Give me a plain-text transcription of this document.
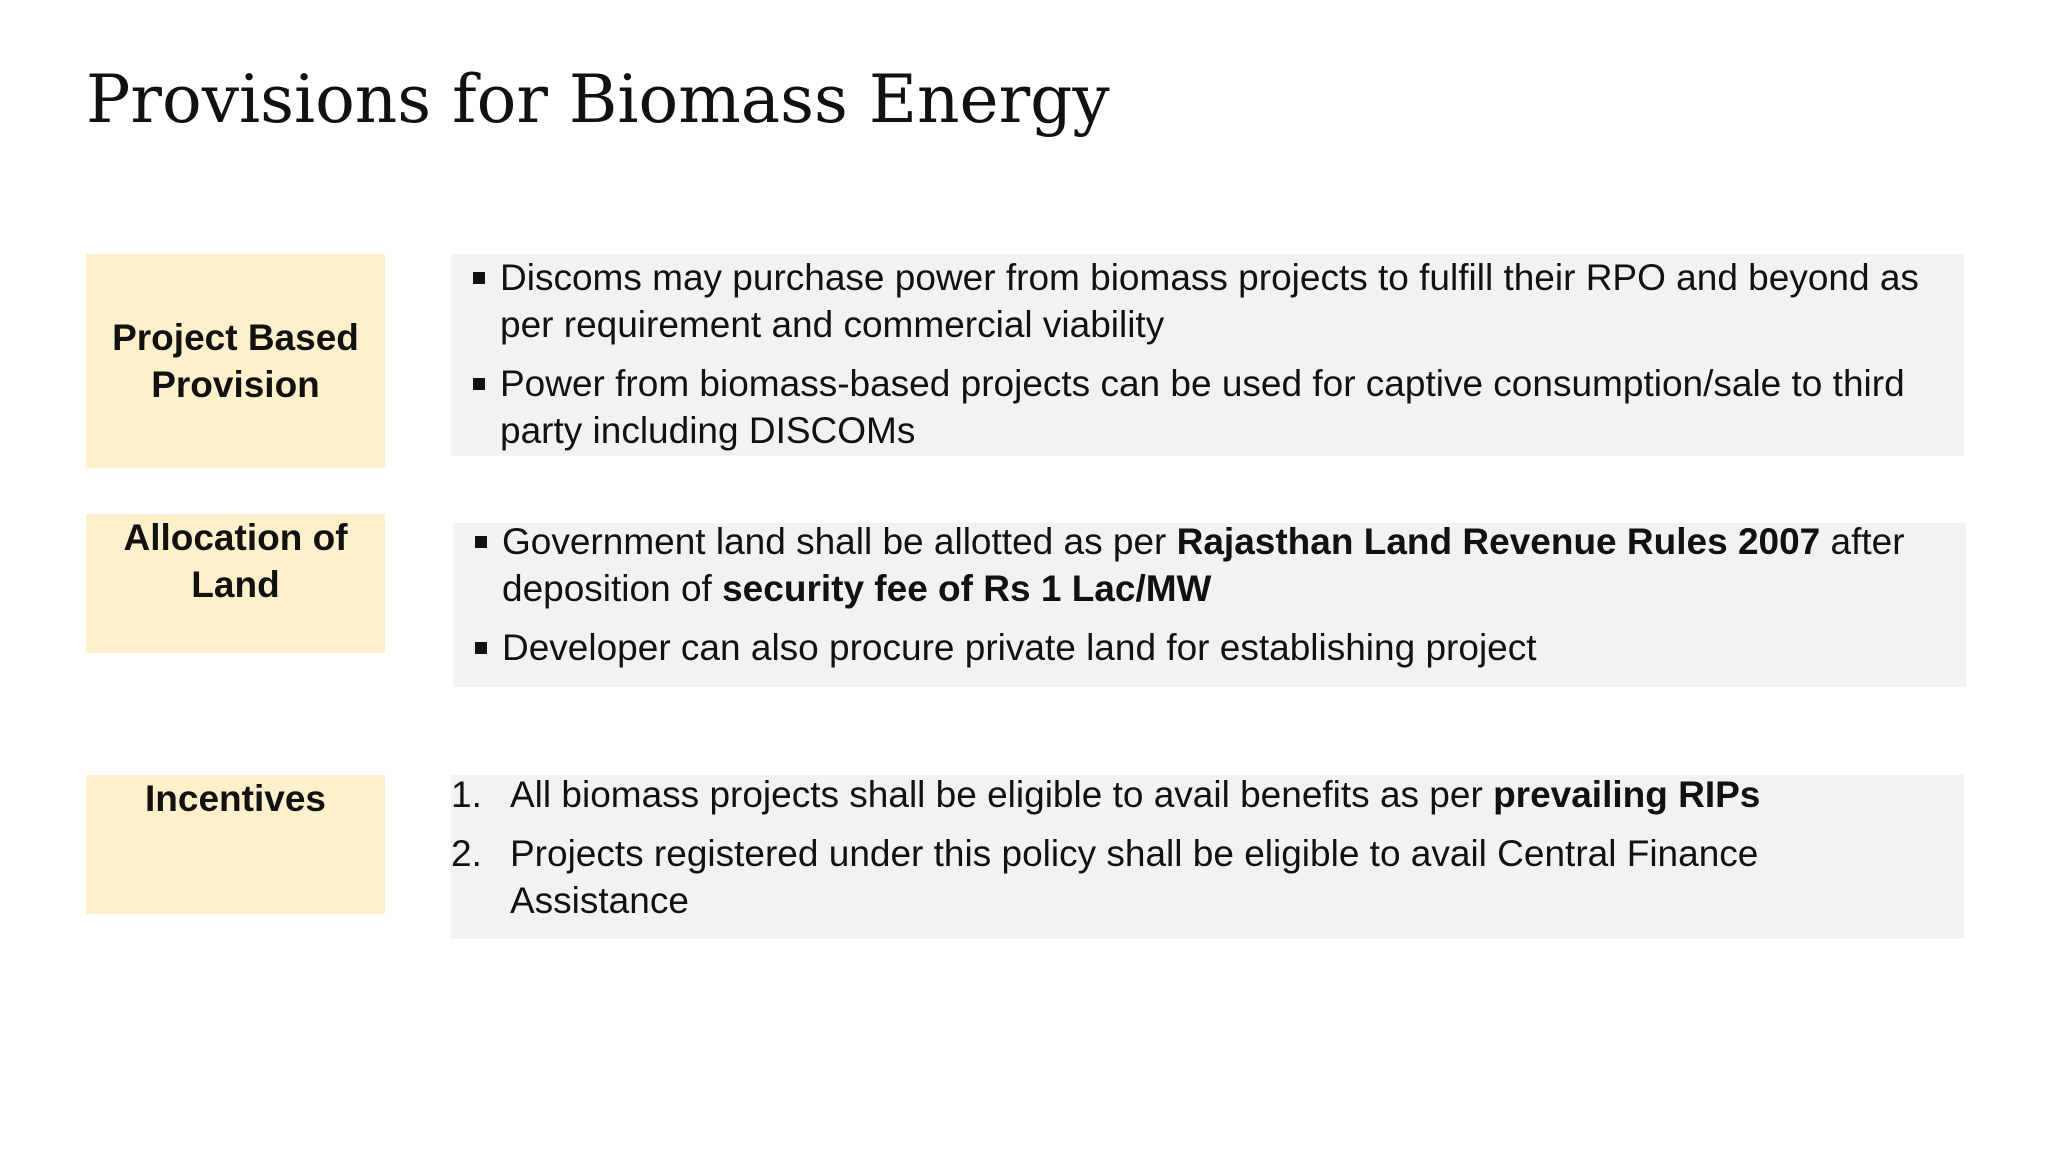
Provisions for Biomass Energy
Project Based
Provision
Discoms may purchase power from biomass projects to fulfill their RPO and beyond as per requirement and commercial viability
Power from biomass-based projects can be used for captive consumption/sale to third party including DISCOMs
Allocation of
Land
Government land shall be allotted as per Rajasthan Land Revenue Rules 2007 after deposition of security fee of Rs 1 Lac/MW
Developer can also procure private land for establishing project
Incentives	1. All biomass projects shall be eligible to avail benefits as per prevailing RIPs
2. Projects registered under this policy shall be eligible to avail Central Finance Assistance
